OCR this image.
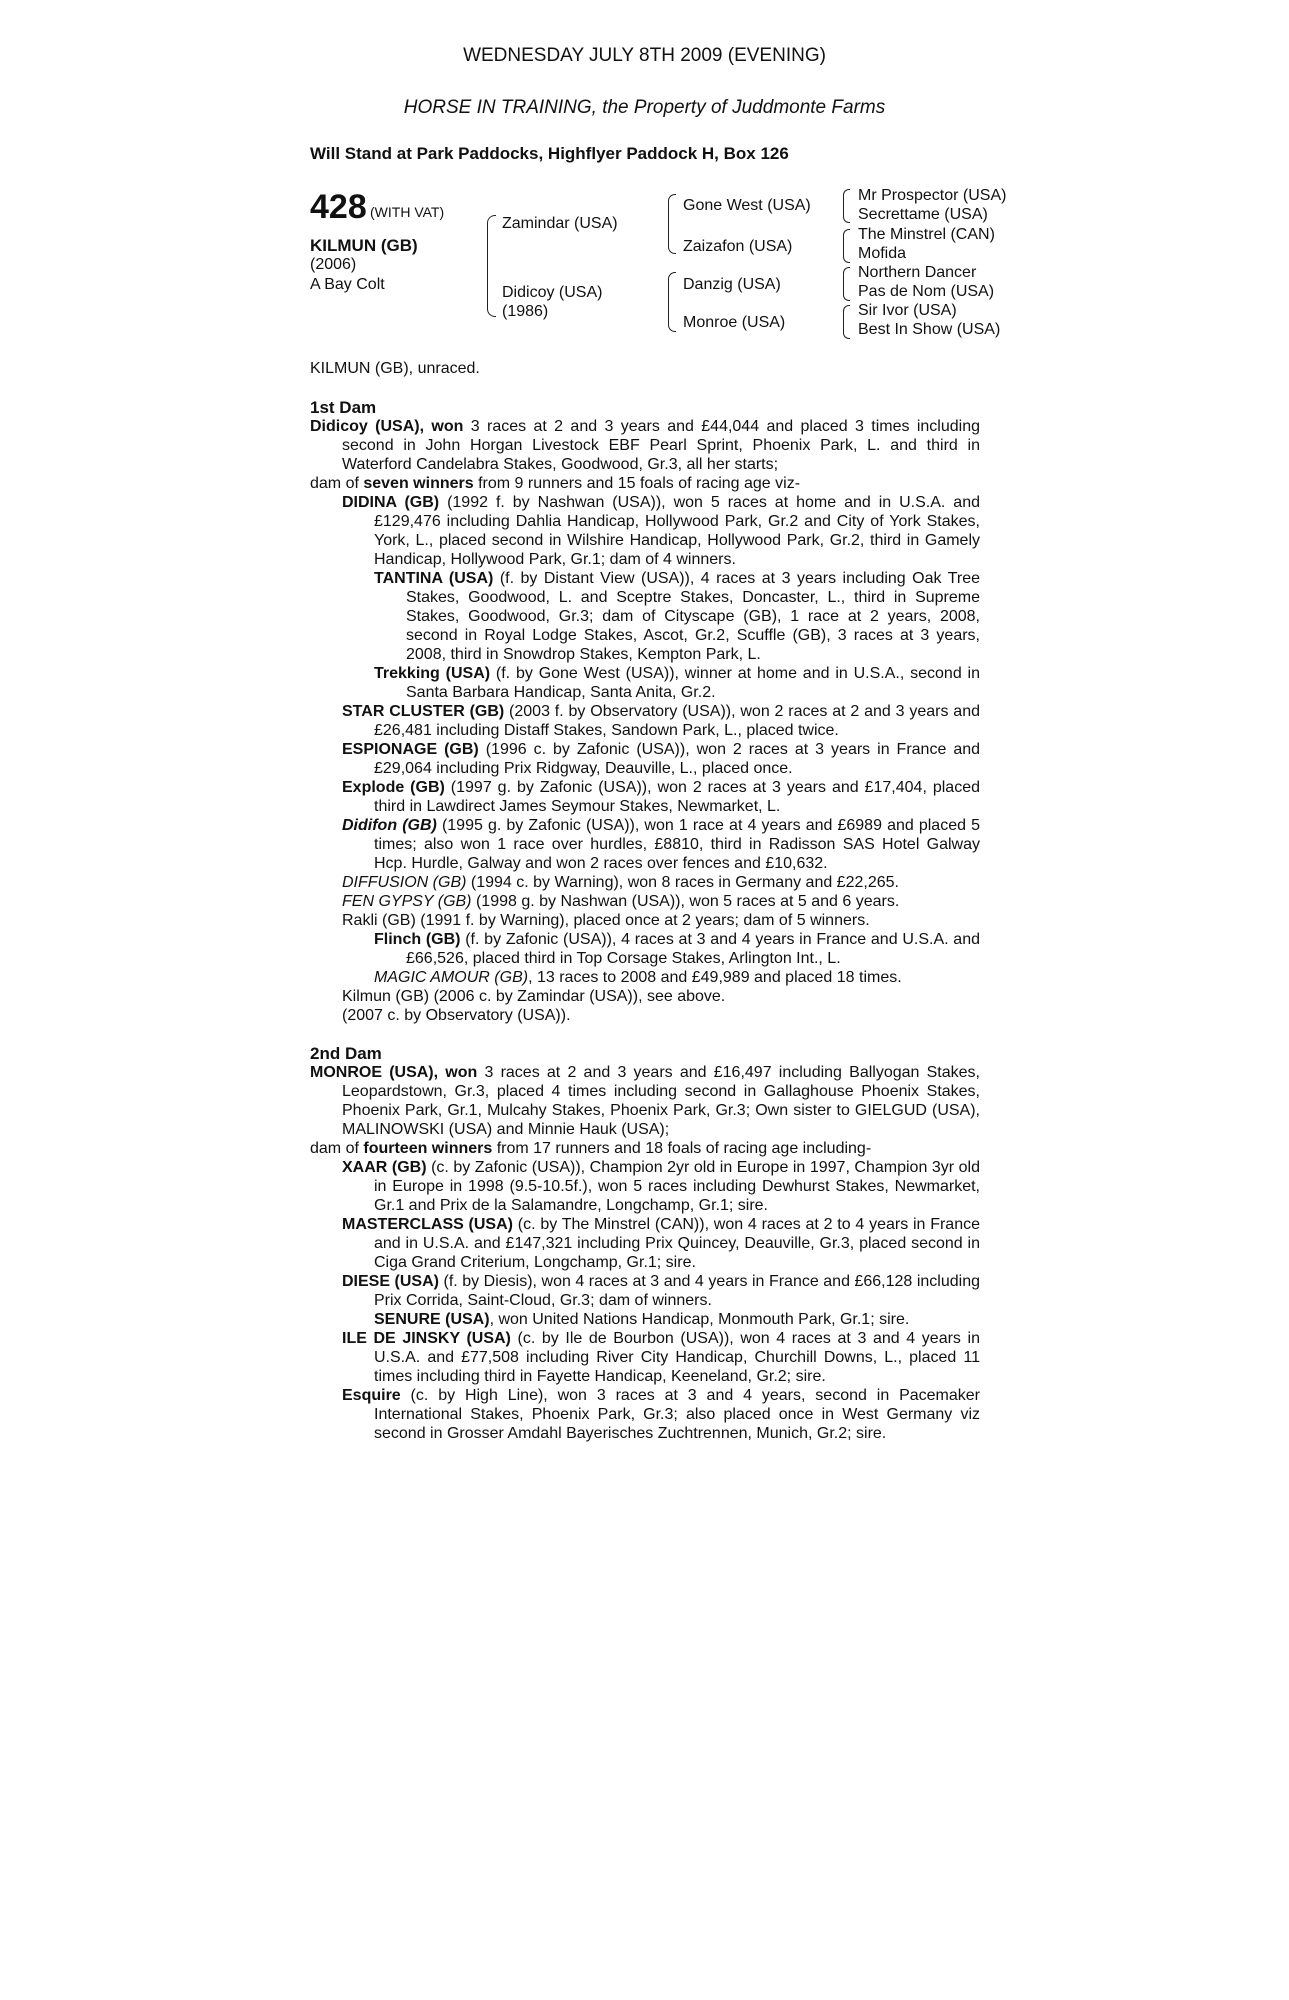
WEDNESDAY JULY 8TH 2009 (EVENING)
HORSE IN TRAINING, the Property of Juddmonte Farms
Will Stand at Park Paddocks, Highflyer Paddock H, Box 126
428 (WITH VAT)
KILMUN (GB)
(2006)
A Bay Colt
Zamindar (USA)
Didicoy (USA)
(1986)
Gone West (USA)
Zaizafon (USA)
Danzig (USA)
Monroe (USA)
Mr Prospector (USA)
Secrettame (USA)
The Minstrel (CAN)
Mofida
Northern Dancer
Pas de Nom (USA)
Sir Ivor (USA)
Best In Show (USA)
KILMUN (GB), unraced.
1st Dam
Didicoy (USA), won 3 races at 2 and 3 years and £44,044 and placed 3 times including second in John Horgan Livestock EBF Pearl Sprint, Phoenix Park, L. and third in Waterford Candelabra Stakes, Goodwood, Gr.3, all her starts;
dam of seven winners from 9 runners and 15 foals of racing age viz-
DIDINA (GB) (1992 f. by Nashwan (USA)), won 5 races at home and in U.S.A. and £129,476 including Dahlia Handicap, Hollywood Park, Gr.2 and City of York Stakes, York, L., placed second in Wilshire Handicap, Hollywood Park, Gr.2, third in Gamely Handicap, Hollywood Park, Gr.1; dam of 4 winners.
TANTINA (USA) (f. by Distant View (USA)), 4 races at 3 years including Oak Tree Stakes, Goodwood, L. and Sceptre Stakes, Doncaster, L., third in Supreme Stakes, Goodwood, Gr.3; dam of Cityscape (GB), 1 race at 2 years, 2008, second in Royal Lodge Stakes, Ascot, Gr.2, Scuffle (GB), 3 races at 3 years, 2008, third in Snowdrop Stakes, Kempton Park, L.
Trekking (USA) (f. by Gone West (USA)), winner at home and in U.S.A., second in Santa Barbara Handicap, Santa Anita, Gr.2.
STAR CLUSTER (GB) (2003 f. by Observatory (USA)), won 2 races at 2 and 3 years and £26,481 including Distaff Stakes, Sandown Park, L., placed twice.
ESPIONAGE (GB) (1996 c. by Zafonic (USA)), won 2 races at 3 years in France and £29,064 including Prix Ridgway, Deauville, L., placed once.
Explode (GB) (1997 g. by Zafonic (USA)), won 2 races at 3 years and £17,404, placed third in Lawdirect James Seymour Stakes, Newmarket, L.
Didifon (GB) (1995 g. by Zafonic (USA)), won 1 race at 4 years and £6989 and placed 5 times; also won 1 race over hurdles, £8810, third in Radisson SAS Hotel Galway Hcp. Hurdle, Galway and won 2 races over fences and £10,632.
DIFFUSION (GB) (1994 c. by Warning), won 8 races in Germany and £22,265.
FEN GYPSY (GB) (1998 g. by Nashwan (USA)), won 5 races at 5 and 6 years.
Rakli (GB) (1991 f. by Warning), placed once at 2 years; dam of 5 winners.
Flinch (GB) (f. by Zafonic (USA)), 4 races at 3 and 4 years in France and U.S.A. and £66,526, placed third in Top Corsage Stakes, Arlington Int., L.
MAGIC AMOUR (GB), 13 races to 2008 and £49,989 and placed 18 times.
Kilmun (GB) (2006 c. by Zamindar (USA)), see above.
(2007 c. by Observatory (USA)).
2nd Dam
MONROE (USA), won 3 races at 2 and 3 years and £16,497 including Ballyogan Stakes, Leopardstown, Gr.3, placed 4 times including second in Gallaghouse Phoenix Stakes, Phoenix Park, Gr.1, Mulcahy Stakes, Phoenix Park, Gr.3; Own sister to GIELGUD (USA), MALINOWSKI (USA) and Minnie Hauk (USA);
dam of fourteen winners from 17 runners and 18 foals of racing age including-
XAAR (GB) (c. by Zafonic (USA)), Champion 2yr old in Europe in 1997, Champion 3yr old in Europe in 1998 (9.5-10.5f.), won 5 races including Dewhurst Stakes, Newmarket, Gr.1 and Prix de la Salamandre, Longchamp, Gr.1; sire.
MASTERCLASS (USA) (c. by The Minstrel (CAN)), won 4 races at 2 to 4 years in France and in U.S.A. and £147,321 including Prix Quincey, Deauville, Gr.3, placed second in Ciga Grand Criterium, Longchamp, Gr.1; sire.
DIESE (USA) (f. by Diesis), won 4 races at 3 and 4 years in France and £66,128 including Prix Corrida, Saint-Cloud, Gr.3; dam of winners.
SENURE (USA), won United Nations Handicap, Monmouth Park, Gr.1; sire.
ILE DE JINSKY (USA) (c. by Ile de Bourbon (USA)), won 4 races at 3 and 4 years in U.S.A. and £77,508 including River City Handicap, Churchill Downs, L., placed 11 times including third in Fayette Handicap, Keeneland, Gr.2; sire.
Esquire (c. by High Line), won 3 races at 3 and 4 years, second in Pacemaker International Stakes, Phoenix Park, Gr.3; also placed once in West Germany viz second in Grosser Amdahl Bayerisches Zuchtrennen, Munich, Gr.2; sire.
